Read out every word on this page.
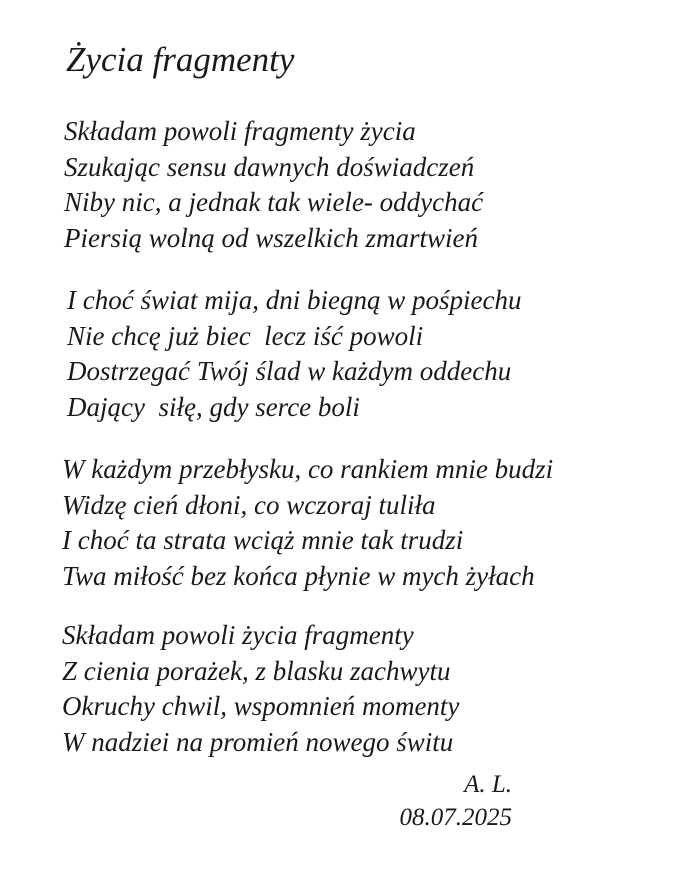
Życia fragmenty
Składam powoli fragmenty życia
Szukając sensu dawnych doświadczeń
Niby nic, a jednak tak wiele- oddychać
Piersią wolną od wszelkich zmartwień
I choć świat mija, dni biegną w pośpiechu
Nie chcę już biec  lecz iść powoli
Dostrzegać Twój ślad w każdym oddechu
Dający  siłę, gdy serce boli
W każdym przebłysku, co rankiem mnie budzi
Widzę cień dłoni, co wczoraj tuliła
I choć ta strata wciąż mnie tak trudzi
Twa miłość bez końca płynie w mych żyłach
Składam powoli życia fragmenty
Z cienia porażek, z blasku zachwytu
Okruchy chwil, wspomnień momenty
W nadziei na promień nowego świtu
A. L.
08.07.2025
